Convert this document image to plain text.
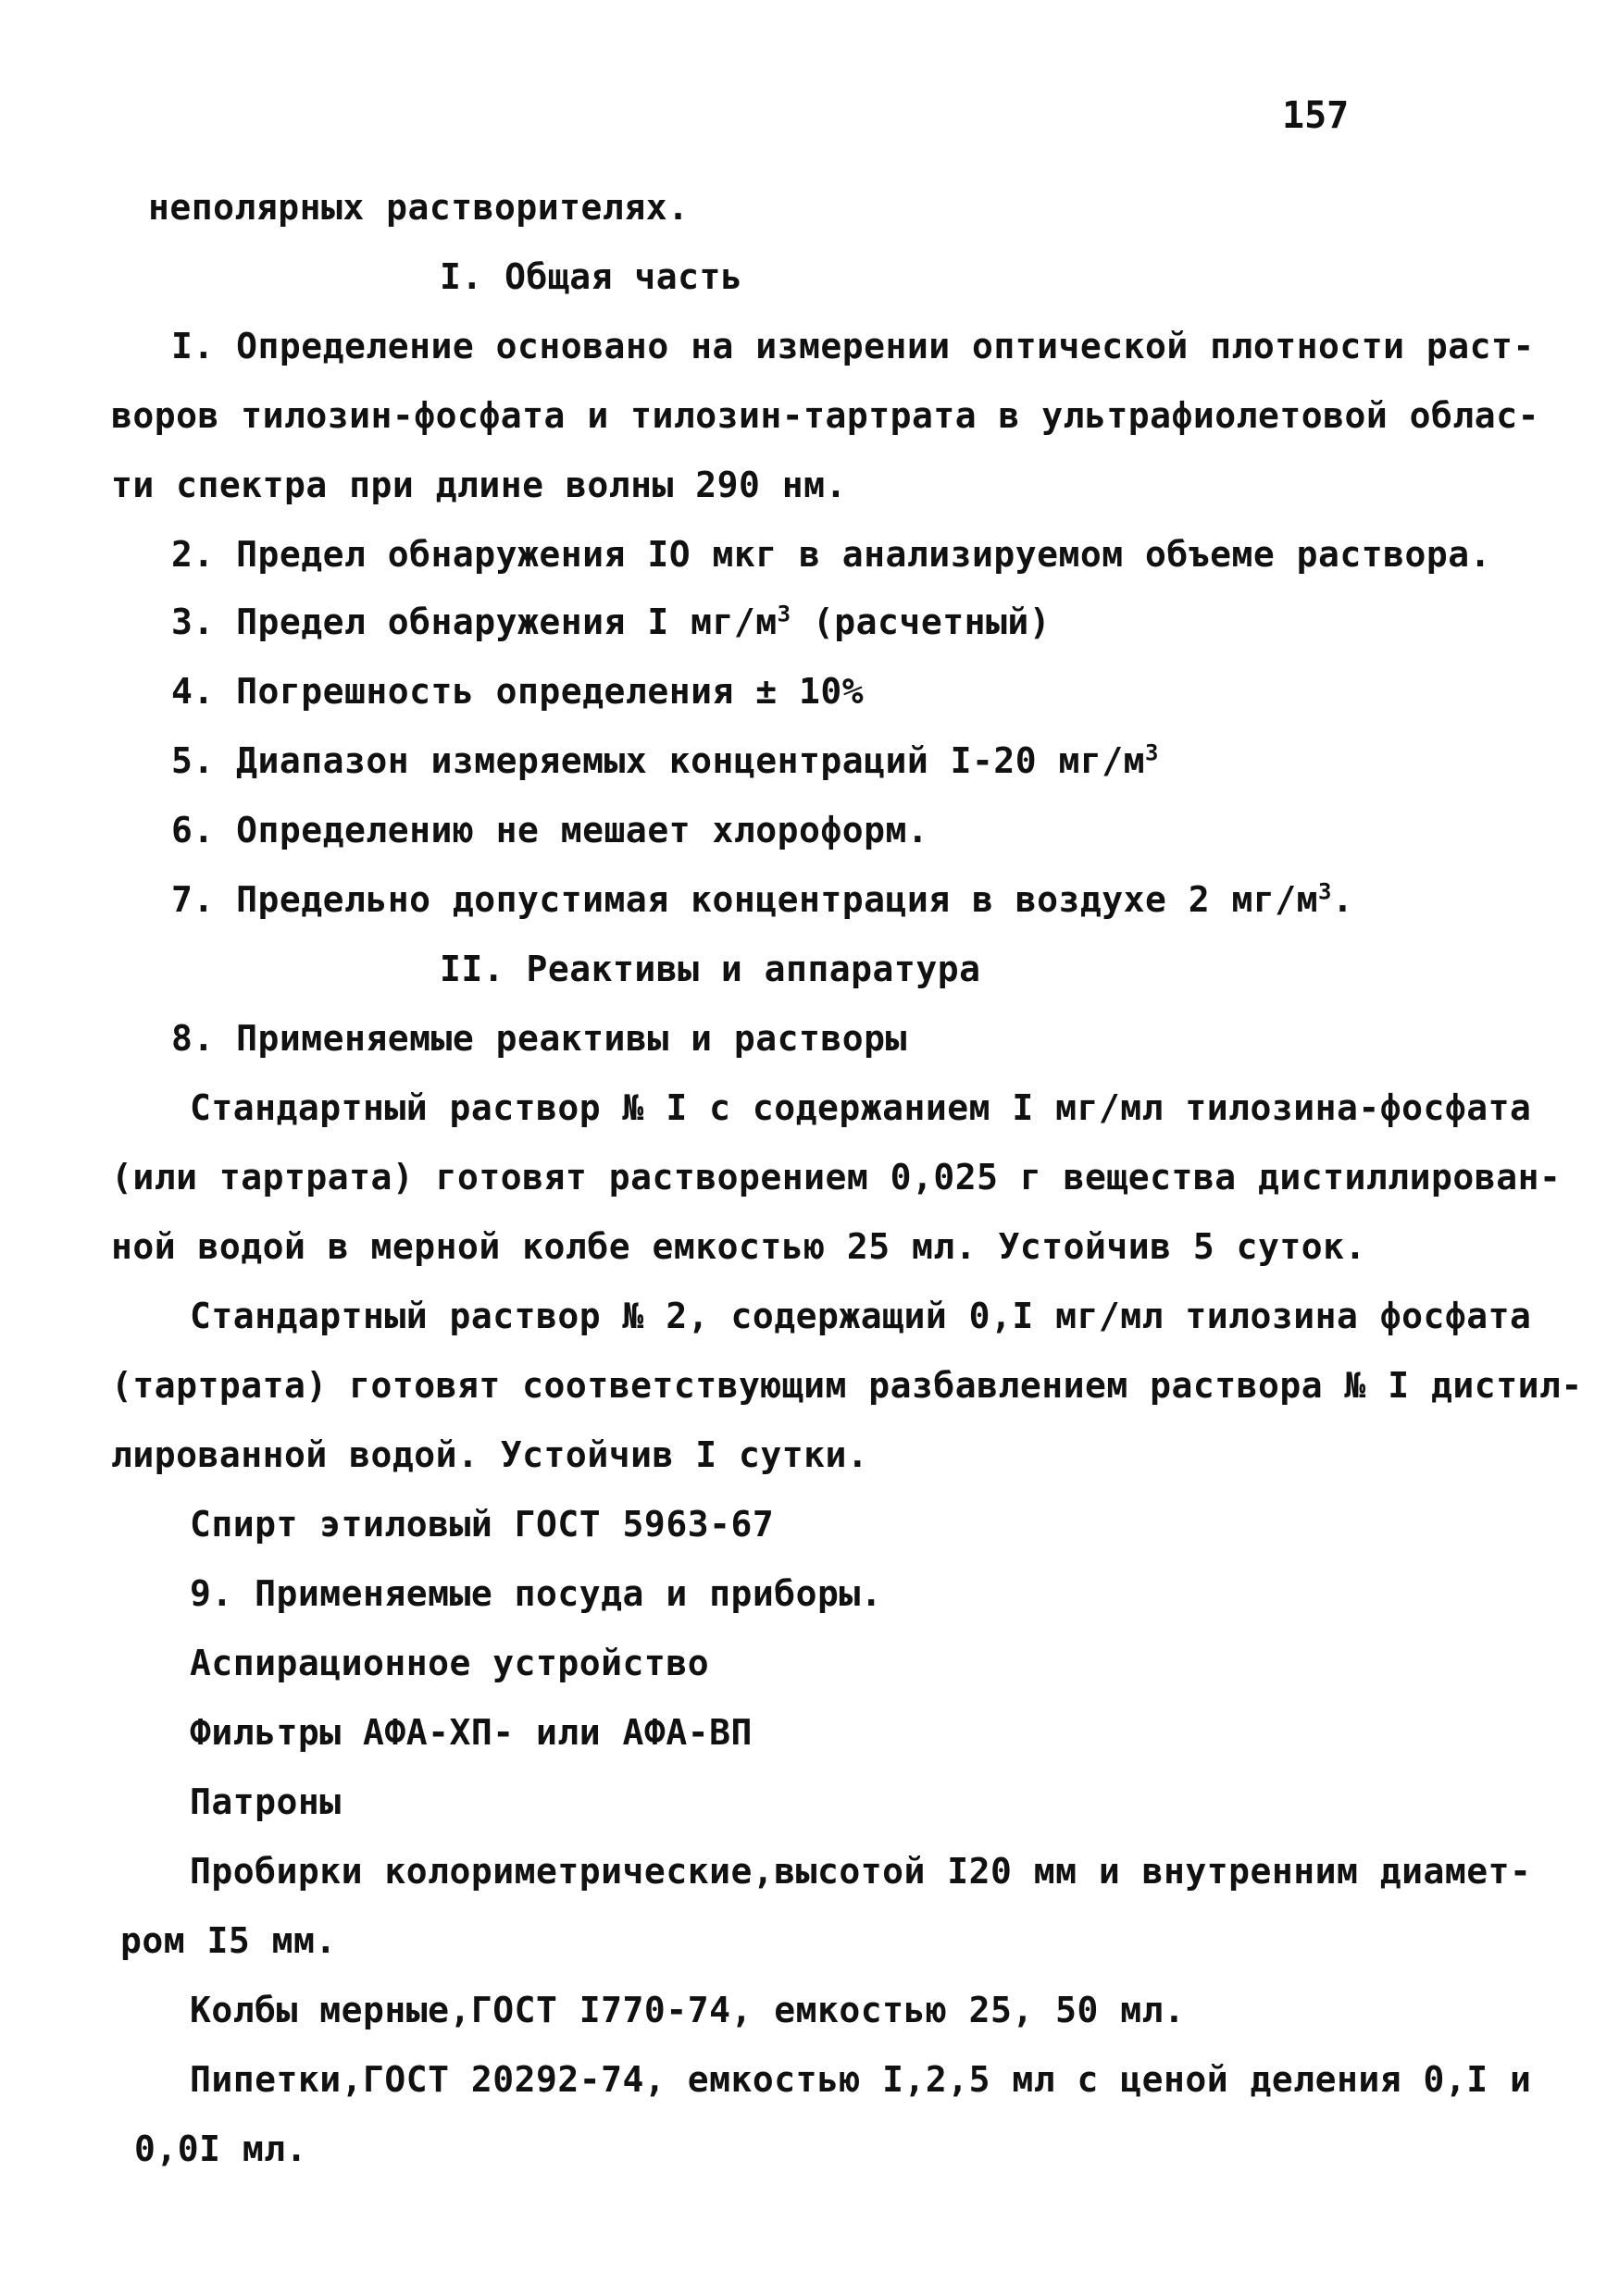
157
неполярных растворителях.
I. Общая часть
I. Определение основано на измерении оптической плотности раст-
воров тилозин-фосфата и тилозин-тартрата в ультрафиолетовой облас-
ти спектра при длине волны 290 нм.
2. Предел обнаружения IO мкг в анализируемом объеме раствора.
3. Предел обнаружения I $мг/м^3$ (расчетный)
4. Погрешность определения ± 10%
5. Диапазон измеряемых концентраций I-20 $мг/м^3$
6. Определению не мешает хлороформ.
7. Предельно допустимая концентрация в воздухе 2 $мг/м^3$.
II. Реактивы и аппаратура
8. Применяемые реактивы и растворы
Стандартный раствор № I с содержанием I мг/мл тилозина-фосфата
(или тартрата) готовят растворением 0,025 г вещества дистиллирован-
ной водой в мерной колбе емкостью 25 мл. Устойчив 5 суток.
Стандартный раствор № 2, содержащий 0,I мг/мл тилозина фосфата
(тартрата) готовят соответствующим разбавлением раствора № I дистил-
лированной водой. Устойчив I сутки.
Спирт этиловый ГОСТ 5963-67
9. Применяемые посуда и приборы.
Аспирационное устройство
Фильтры АФА-ХП- или АФА-ВП
Патроны
Пробирки колориметрические,высотой I20 мм и внутренним диамет-
ром I5 мм.
Колбы мерные,ГОСТ I770-74, емкостью 25, 50 мл.
Пипетки,ГОСТ 20292-74, емкостью I,2,5 мл с ценой деления 0,I и
0,0I мл.
